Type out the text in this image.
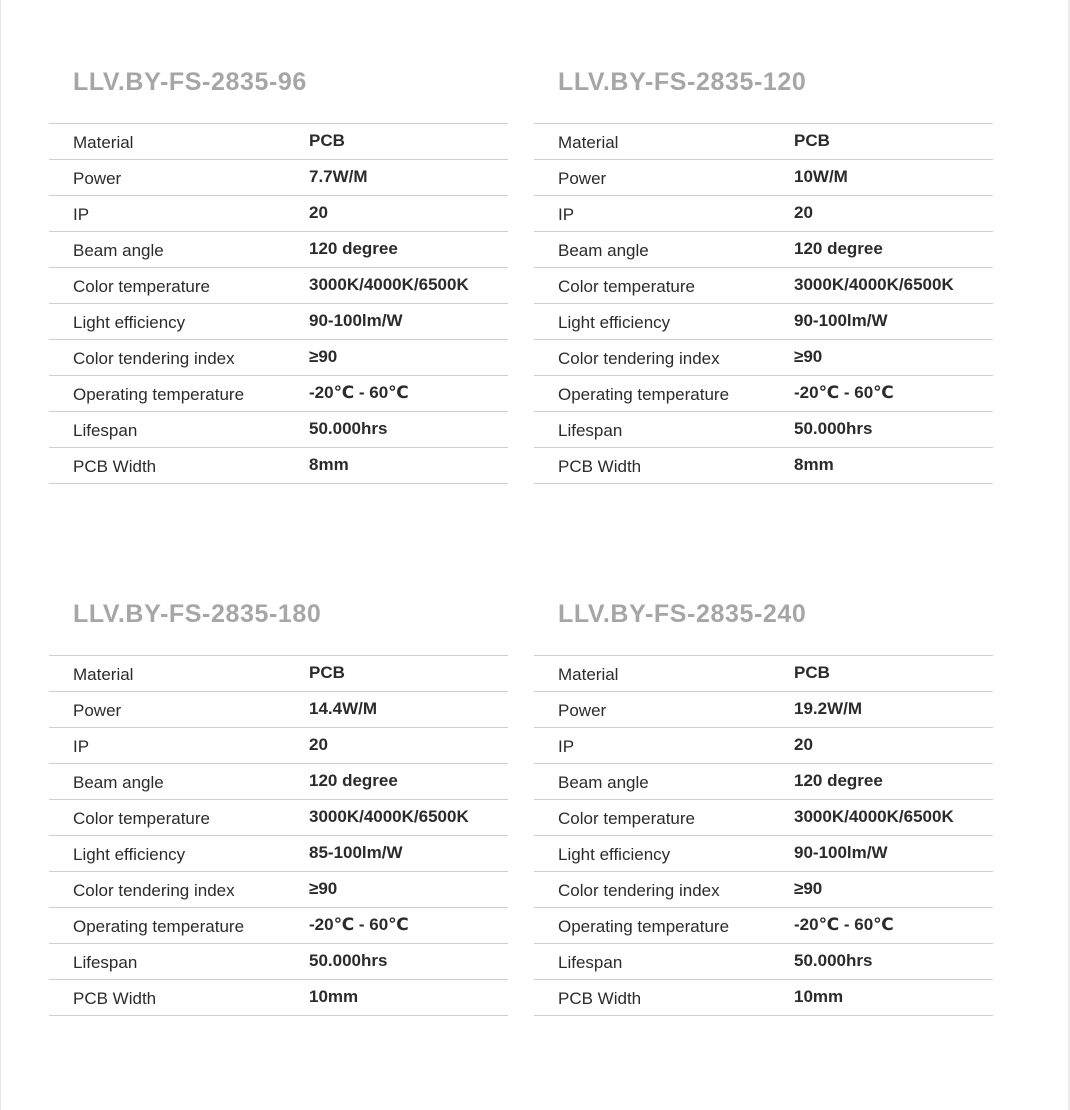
LLV.BY-FS-2835-96
Material	PCB
Power	7.7W/M
IP	20
Beam angle	120 degree
Color temperature	3000K/4000K/6500K
Light efficiency	90-100lm/W
Color tendering index	≥90
Operating temperature	-20℃ - 60℃
Lifespan	50.000hrs
PCB Width	8mm
LLV.BY-FS-2835-120
Material	PCB
Power	10W/M
IP	20
Beam angle	120 degree
Color temperature	3000K/4000K/6500K
Light efficiency	90-100lm/W
Color tendering index	≥90
Operating temperature	-20℃ - 60℃
Lifespan	50.000hrs
PCB Width	8mm
LLV.BY-FS-2835-180
Material	PCB
Power	14.4W/M
IP	20
Beam angle	120 degree
Color temperature	3000K/4000K/6500K
Light efficiency	85-100lm/W
Color tendering index	≥90
Operating temperature	-20℃ - 60℃
Lifespan	50.000hrs
PCB Width	10mm
LLV.BY-FS-2835-240
Material	PCB
Power	19.2W/M
IP	20
Beam angle	120 degree
Color temperature	3000K/4000K/6500K
Light efficiency	90-100lm/W
Color tendering index	≥90
Operating temperature	-20℃ - 60℃
Lifespan	50.000hrs
PCB Width	10mm
